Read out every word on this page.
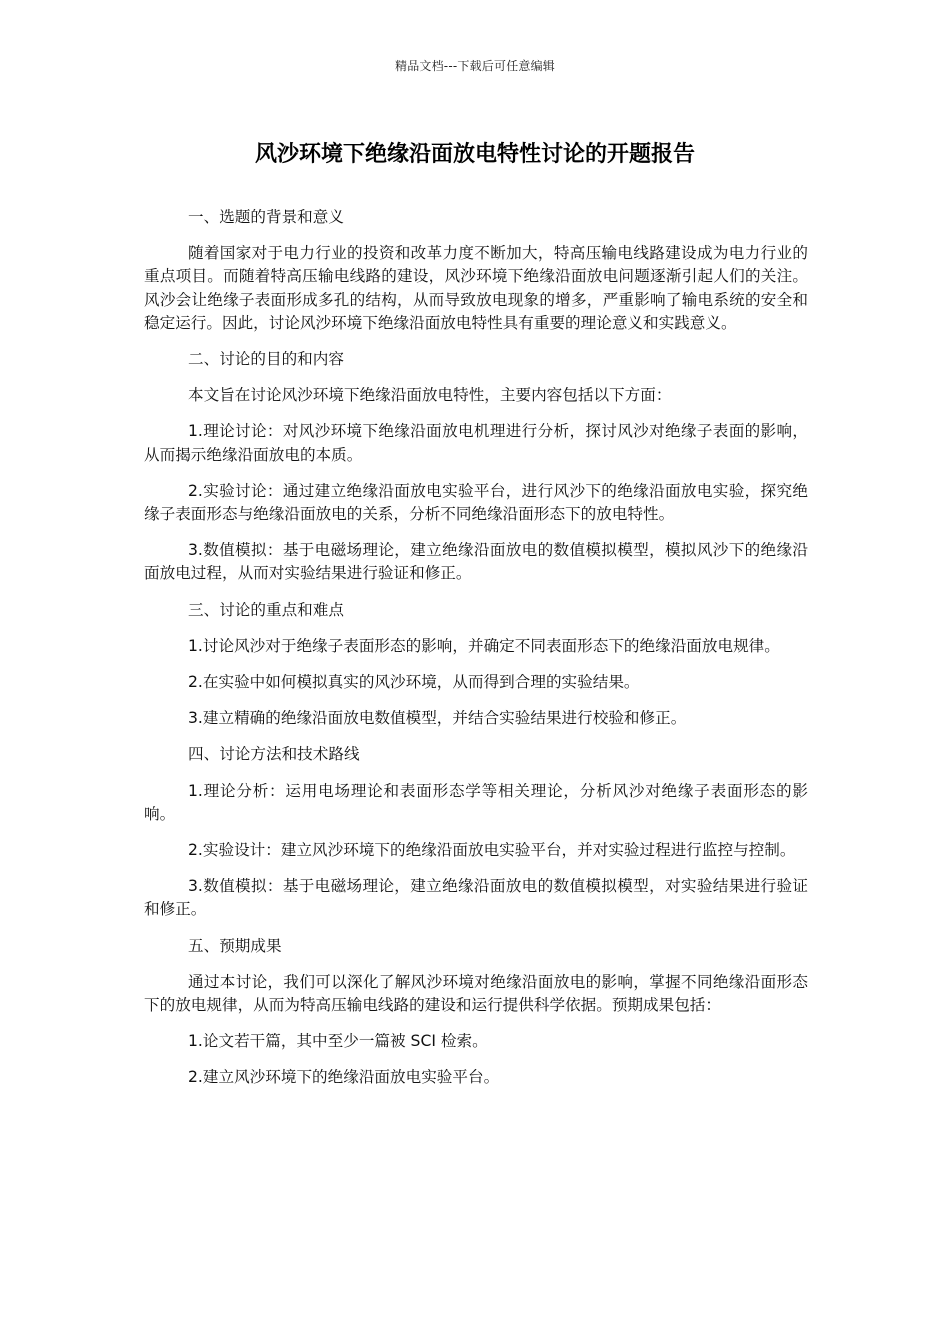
精品文档---下载后可任意编辑
风沙环境下绝缘沿面放电特性讨论的开题报告

一、选题的背景和意义

随着国家对于电力行业的投资和改革力度不断加大，特高压输电线路建设成为电力行业的重点项目。而随着特高压输电线路的建设，风沙环境下绝缘沿面放电问题逐渐引起人们的关注。风沙会让绝缘子表面形成多孔的结构，从而导致放电现象的增多，严重影响了输电系统的安全和稳定运行。因此，讨论风沙环境下绝缘沿面放电特性具有重要的理论意义和实践意义。

二、讨论的目的和内容

本文旨在讨论风沙环境下绝缘沿面放电特性，主要内容包括以下方面：

1.理论讨论：对风沙环境下绝缘沿面放电机理进行分析，探讨风沙对绝缘子表面的影响，从而揭示绝缘沿面放电的本质。

2.实验讨论：通过建立绝缘沿面放电实验平台，进行风沙下的绝缘沿面放电实验，探究绝缘子表面形态与绝缘沿面放电的关系，分析不同绝缘沿面形态下的放电特性。

3.数值模拟：基于电磁场理论，建立绝缘沿面放电的数值模拟模型，模拟风沙下的绝缘沿面放电过程，从而对实验结果进行验证和修正。

三、讨论的重点和难点

1.讨论风沙对于绝缘子表面形态的影响，并确定不同表面形态下的绝缘沿面放电规律。

2.在实验中如何模拟真实的风沙环境，从而得到合理的实验结果。

3.建立精确的绝缘沿面放电数值模型，并结合实验结果进行校验和修正。

四、讨论方法和技术路线

1.理论分析：运用电场理论和表面形态学等相关理论，分析风沙对绝缘子表面形态的影响。

2.实验设计：建立风沙环境下的绝缘沿面放电实验平台，并对实验过程进行监控与控制。

3.数值模拟：基于电磁场理论，建立绝缘沿面放电的数值模拟模型，对实验结果进行验证和修正。

五、预期成果

通过本讨论，我们可以深化了解风沙环境对绝缘沿面放电的影响，掌握不同绝缘沿面形态下的放电规律，从而为特高压输电线路的建设和运行提供科学依据。预期成果包括：

1.论文若干篇，其中至少一篇被 SCI 检索。

2.建立风沙环境下的绝缘沿面放电实验平台。
